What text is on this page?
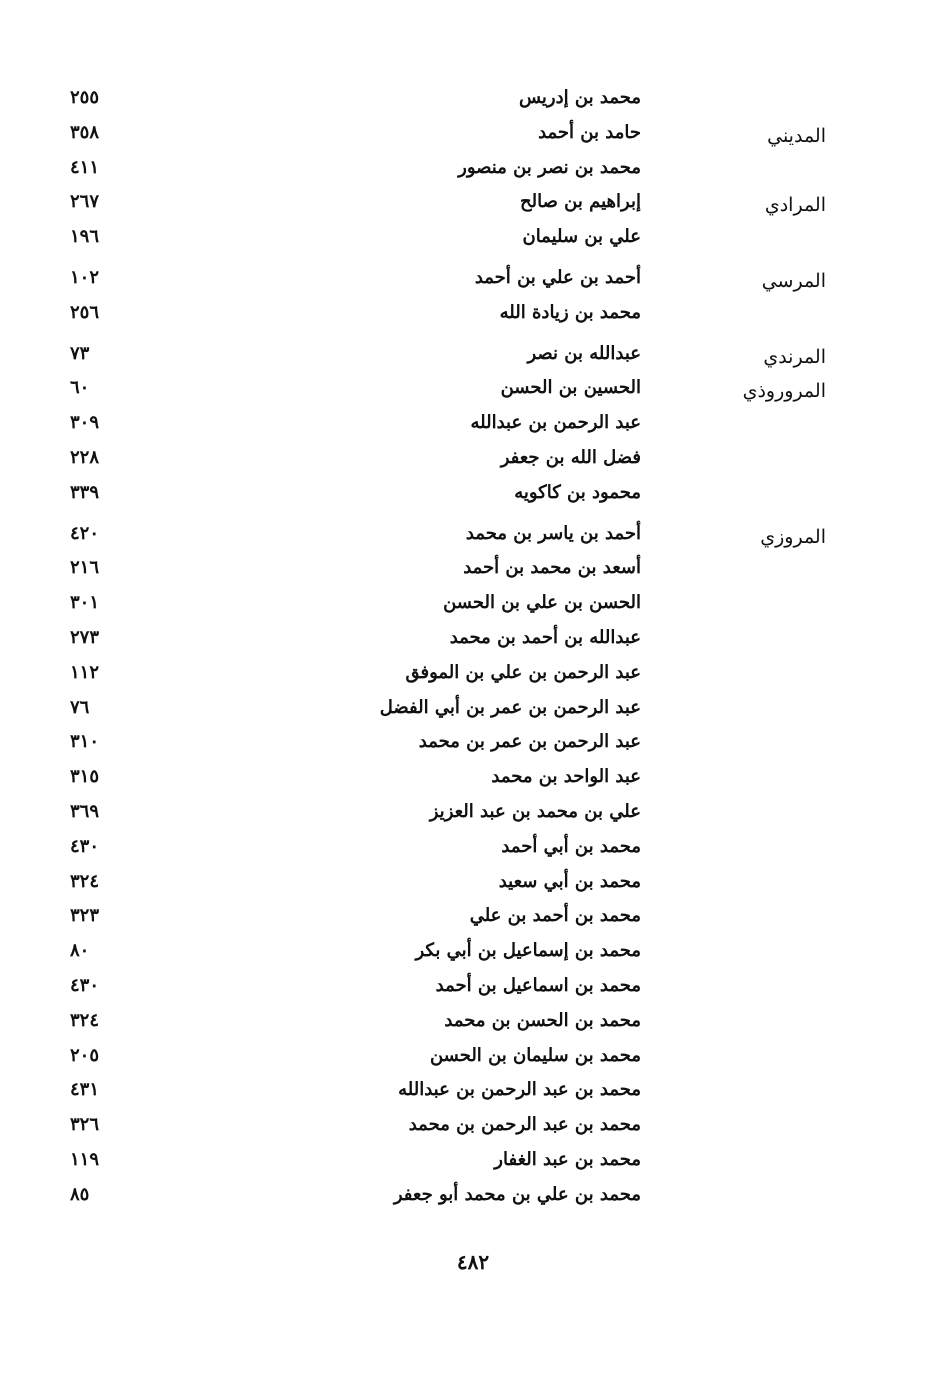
محمد بن إدريس
٢٥٥
المديني
حامد بن أحمد
٣٥٨
محمد بن نصر بن منصور
٤١١
المرادي
إبراهيم بن صالح
٢٦٧
علي بن سليمان
١٩٦
المرسي
أحمد بن علي بن أحمد
١٠٢
محمد بن زيادة الله
٢٥٦
المرندي
عبدالله بن نصر
٧٣
المروروذي
الحسين بن الحسن
٦٠
عبد الرحمن بن عبدالله
٣٠٩
فضل الله بن جعفر
٢٢٨
محمود بن كاكويه
٣٣٩
المروزي
أحمد بن ياسر بن محمد
٤٢٠
أسعد بن محمد بن أحمد
٢١٦
الحسن بن علي بن الحسن
٣٠١
عبدالله بن أحمد بن محمد
٢٧٣
عبد الرحمن بن علي بن الموفق
١١٢
عبد الرحمن بن عمر بن أبي الفضل
٧٦
عبد الرحمن بن عمر بن محمد
٣١٠
عبد الواحد بن محمد
٣١٥
علي بن محمد بن عبد العزيز
٣٦٩
محمد بن أبي أحمد
٤٣٠
محمد بن أبي سعيد
٣٢٤
محمد بن أحمد بن علي
٣٢٣
محمد بن إسماعيل بن أبي بكر
٨٠
محمد بن اسماعيل بن أحمد
٤٣٠
محمد بن الحسن بن محمد
٣٢٤
محمد بن سليمان بن الحسن
٢٠٥
محمد بن عبد الرحمن بن عبدالله
٤٣١
محمد بن عبد الرحمن بن محمد
٣٢٦
محمد بن عبد الغفار
١١٩
محمد بن علي بن محمد أبو جعفر
٨٥
٤٨٢
